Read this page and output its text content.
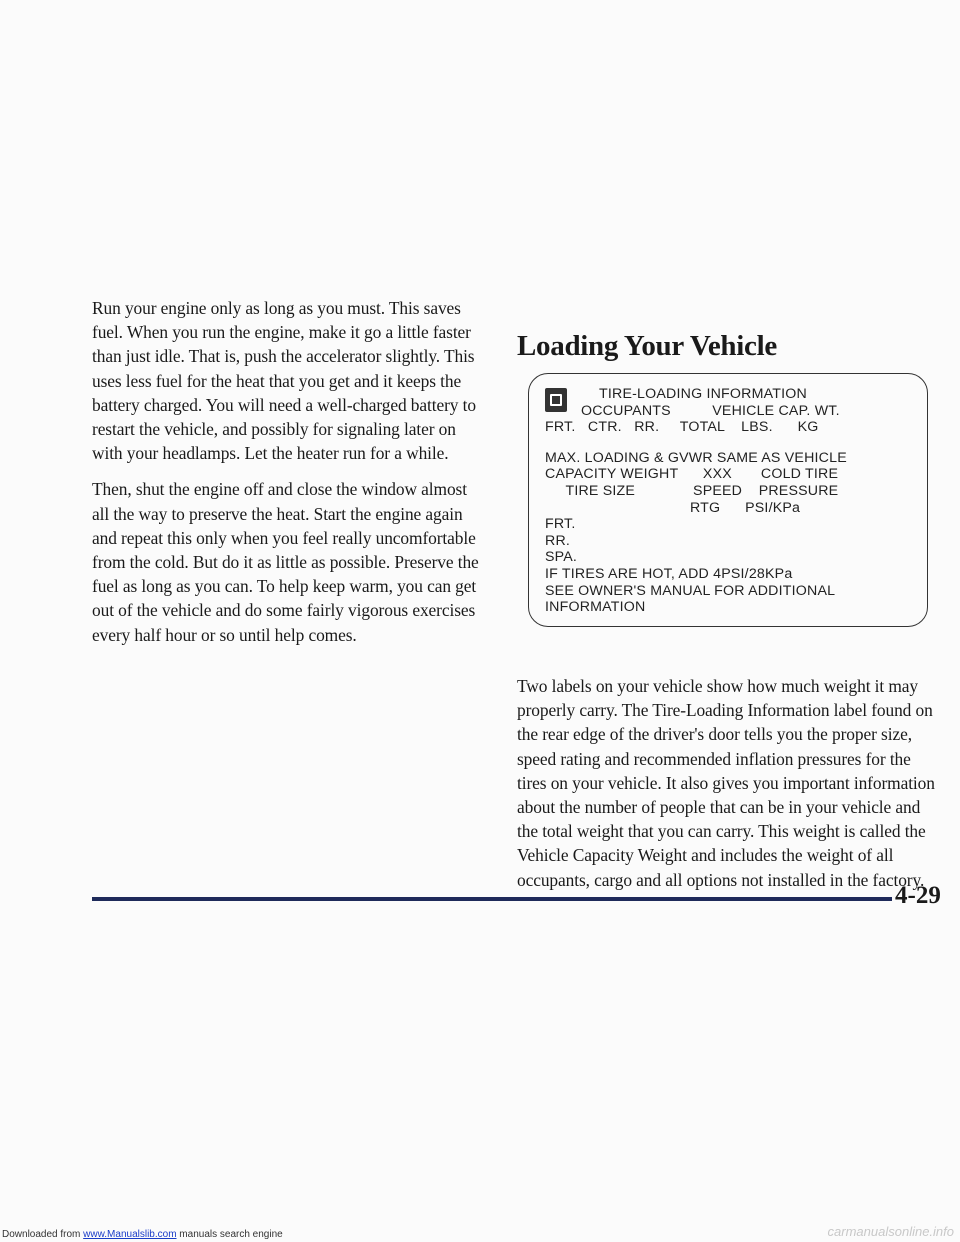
Run your engine only as long as you must. This saves fuel. When you run the engine, make it go a little faster than just idle. That is, push the accelerator slightly. This uses less fuel for the heat that you get and it keeps the battery charged. You will need a well-charged battery to restart the vehicle, and possibly for signaling later on with your headlamps. Let the heater run for a while.

Then, shut the engine off and close the window almost all the way to preserve the heat. Start the engine again and repeat this only when you feel really uncomfortable from the cold. But do it as little as possible. Preserve the fuel as long as you can. To help keep warm, you can get out of the vehicle and do some fairly vigorous exercises every half hour or so until help comes.

Loading Your Vehicle
TIRE-LOADING INFORMATION
OCCUPANTS          VEHICLE CAP. WT.
FRT.   CTR.   RR.     TOTAL    LBS.      KG
MAX. LOADING & GVWR SAME AS VEHICLE
CAPACITY WEIGHT      XXX       COLD TIRE
TIRE SIZE              SPEED    PRESSURE
RTG      PSI/KPa
FRT.
RR.
SPA.
IF TIRES ARE HOT, ADD 4PSI/28KPa
SEE OWNER'S MANUAL FOR ADDITIONAL
INFORMATION

Two labels on your vehicle show how much weight it may properly carry. The Tire-Loading Information label found on the rear edge of the driver's door tells you the proper size, speed rating and recommended inflation pressures for the tires on your vehicle. It also gives you important information about the number of people that can be in your vehicle and the total weight that you can carry. This weight is called the Vehicle Capacity Weight and includes the weight of all occupants, cargo and all options not installed in the factory.

4-29
Downloaded from www.Manualslib.com manuals search engine	carmanualsonline.info
